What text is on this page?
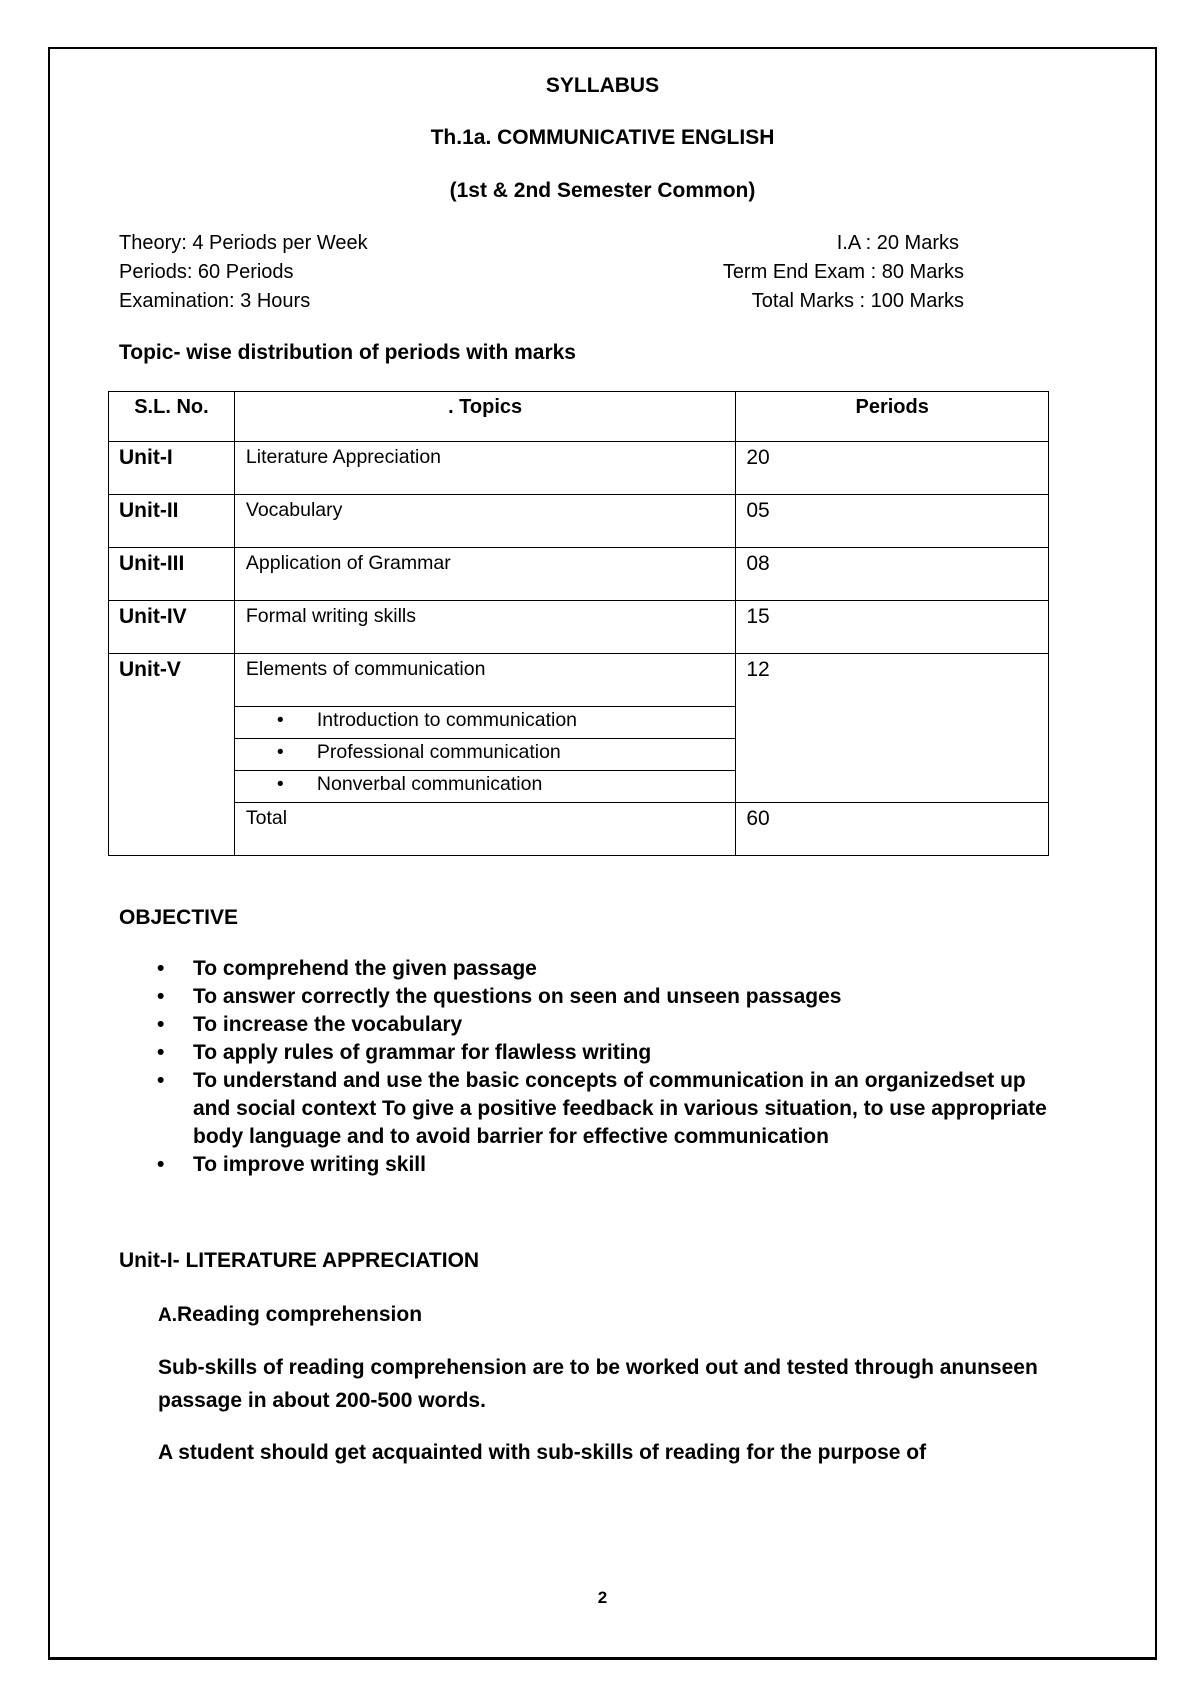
SYLLABUS
Th.1a. COMMUNICATIVE ENGLISH
(1st & 2nd Semester Common)
Theory: 4 Periods per Week
Periods: 60 Periods
Examination: 3 Hours
I.A : 20 Marks
Term End Exam : 80 Marks
Total Marks : 100 Marks
Topic- wise distribution of periods with marks
S.L. No.	. Topics	Periods
Unit-I	Literature Appreciation	20
Unit-II	Vocabulary	05
Unit-III	Application of Grammar	08
Unit-IV	Formal writing skills	15
Unit-V	Elements of communication	12
	• Introduction to communication	
	• Professional communication	
	• Nonverbal communication	
	Total	60
OBJECTIVE
• To comprehend the given passage
• To answer correctly the questions on seen and unseen passages
• To increase the vocabulary
• To apply rules of grammar for flawless writing
• To understand and use the basic concepts of communication in an organizedset up and social context To give a positive feedback in various situation, to use appropriate body language and to avoid barrier for effective communication
• To improve writing skill
Unit-I- LITERATURE APPRECIATION
A.Reading comprehension
Sub-skills of reading comprehension are to be worked out and tested through anunseen passage in about 200-500 words.
A student should get acquainted with sub-skills of reading for the purpose of
2
